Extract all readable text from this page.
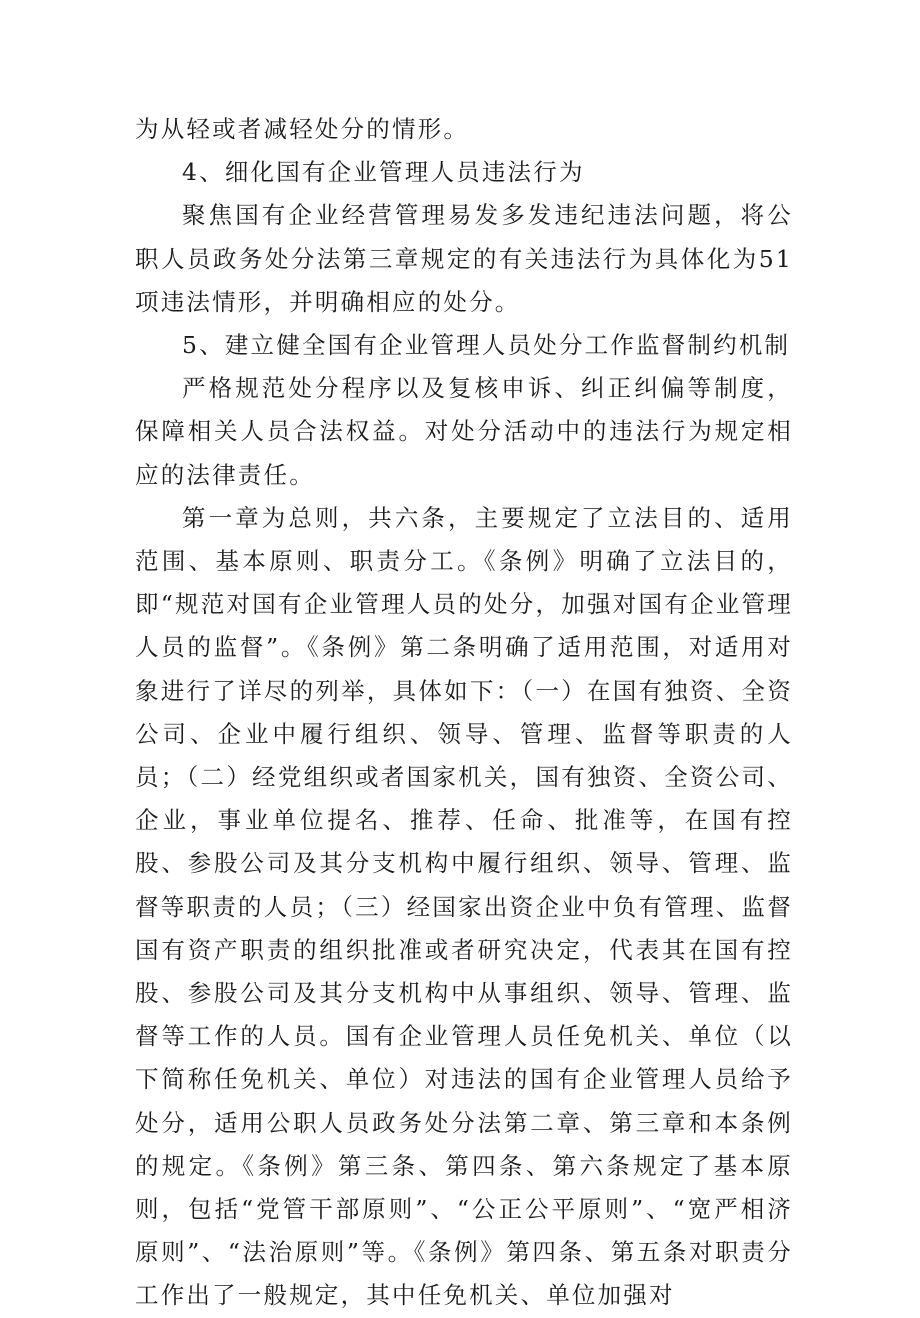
为从轻或者减轻处分的情形。

4、细化国有企业管理人员违法行为

聚焦国有企业经营管理易发多发违纪违法问题，将公职人员政务处分法第三章规定的有关违法行为具体化为51项违法情形，并明确相应的处分。

5、建立健全国有企业管理人员处分工作监督制约机制

严格规范处分程序以及复核申诉、纠正纠偏等制度，保障相关人员合法权益。对处分活动中的违法行为规定相应的法律责任。

第一章为总则，共六条，主要规定了立法目的、适用范围、基本原则、职责分工。《条例》明确了立法目的，即“规范对国有企业管理人员的处分，加强对国有企业管理人员的监督”。《条例》第二条明确了适用范围，对适用对象进行了详尽的列举，具体如下：（一）在国有独资、全资公司、企业中履行组织、领导、管理、监督等职责的人员；（二）经党组织或者国家机关，国有独资、全资公司、企业，事业单位提名、推荐、任命、批准等，在国有控股、参股公司及其分支机构中履行组织、领导、管理、监督等职责的人员；（三）经国家出资企业中负有管理、监督国有资产职责的组织批准或者研究决定，代表其在国有控股、参股公司及其分支机构中从事组织、领导、管理、监督等工作的人员。国有企业管理人员任免机关、单位（以下简称任免机关、单位）对违法的国有企业管理人员给予处分，适用公职人员政务处分法第二章、第三章和本条例的规定。《条例》第三条、第四条、第六条规定了基本原则，包括“党管干部原则”、“公正公平原则”、“宽严相济原则”、“法治原则”等。《条例》第四条、第五条对职责分工作出了一般规定，其中任免机关、单位加强对
